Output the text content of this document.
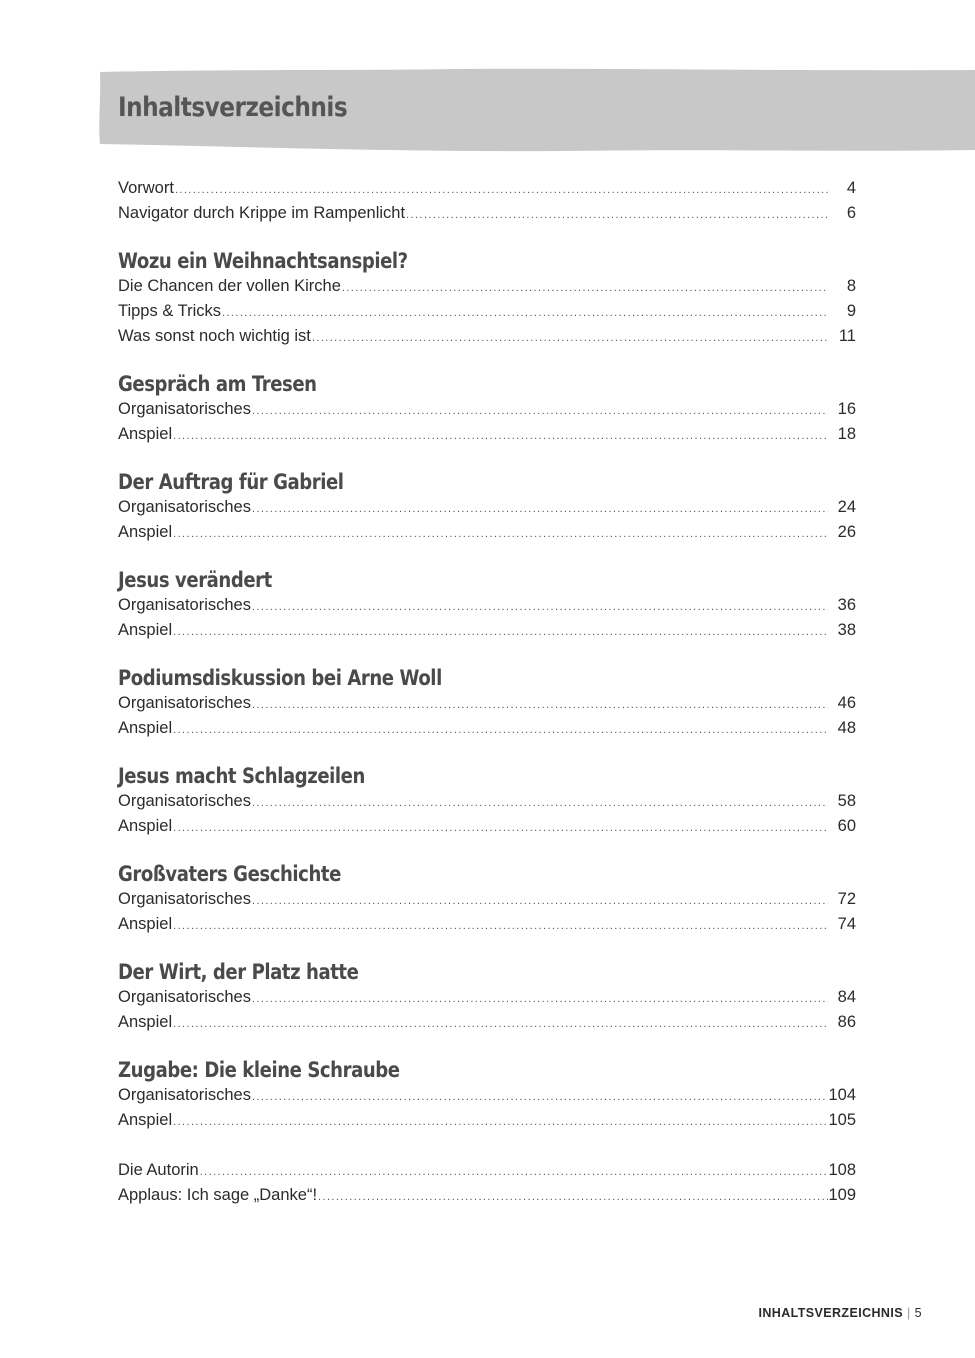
Inhaltsverzeichnis
Vorwort .....	4
Navigator durch Krippe im Rampenlicht .....	6
Wozu ein Weihnachtsanspiel?
Die Chancen der vollen Kirche .....	8
Tipps & Tricks .....	9
Was sonst noch wichtig ist .....	11
Gespräch am Tresen
Organisatorisches .....	16
Anspiel .....	18
Der Auftrag für Gabriel
Organisatorisches .....	24
Anspiel .....	26
Jesus verändert
Organisatorisches .....	36
Anspiel .....	38
Podiumsdiskussion bei Arne Woll
Organisatorisches .....	46
Anspiel .....	48
Jesus macht Schlagzeilen
Organisatorisches .....	58
Anspiel .....	60
Großvaters Geschichte
Organisatorisches .....	72
Anspiel .....	74
Der Wirt, der Platz hatte
Organisatorisches .....	84
Anspiel .....	86
Zugabe: Die kleine Schraube
Organisatorisches .....	104
Anspiel .....	105
Die Autorin .....	108
Applaus: Ich sage „Danke“! .....	109
INHALTSVERZEICHNIS | 5
